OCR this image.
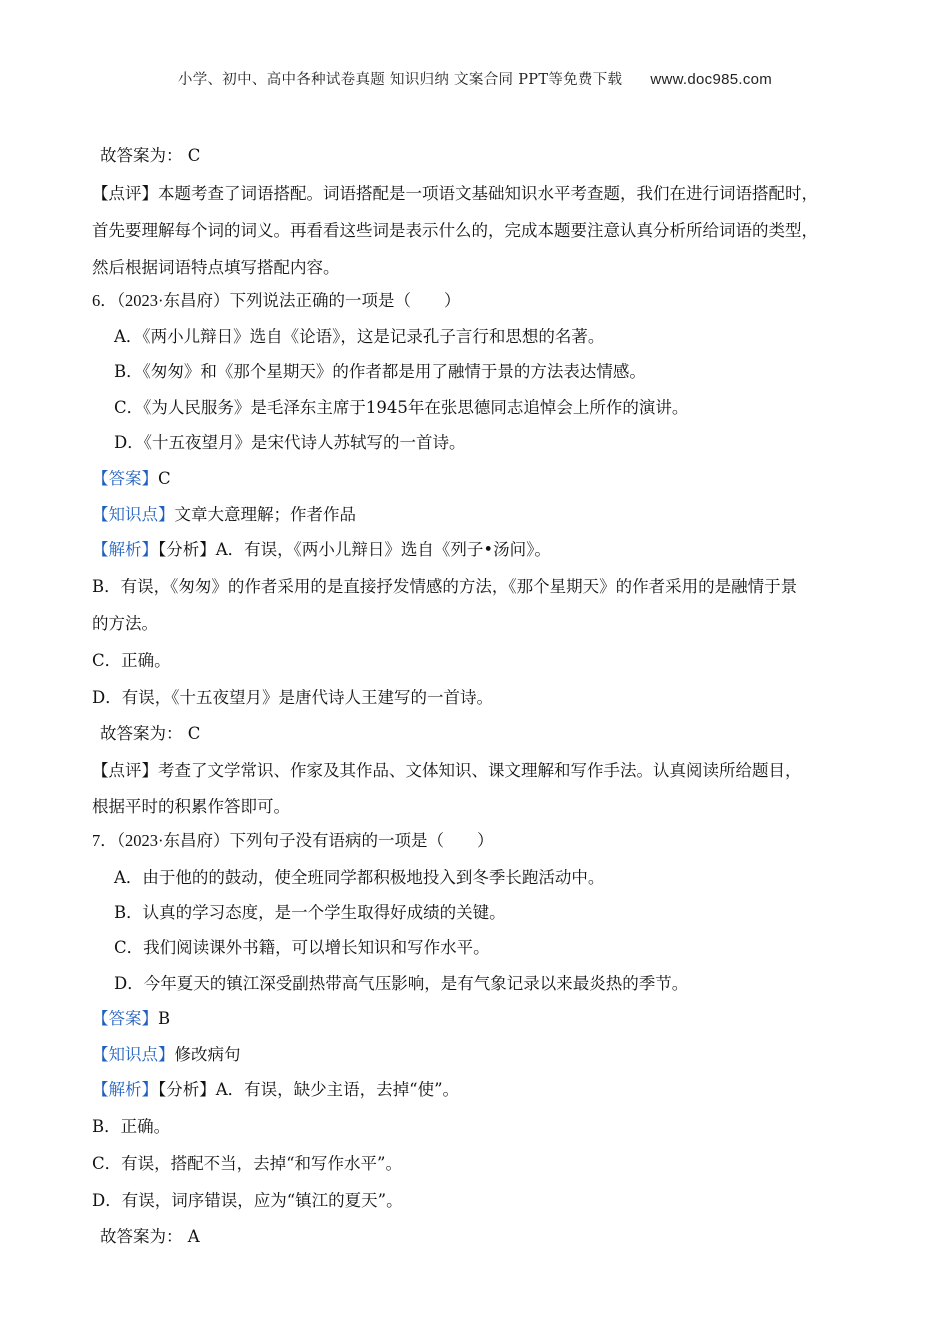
小学、初中、高中各种试卷真题 知识归纳 文案合同 PPT等免费下载 www.doc985.com
故答案为： C
【点评】本题考查了词语搭配。词语搭配是一项语文基础知识水平考查题，我们在进行词语搭配时，
首先要理解每个词的词义。再看看这些词是表示什么的，完成本题要注意认真分析所给词语的类型，
然后根据词语特点填写搭配内容。
6．（2023·东昌府）下列说法正确的一项是（　　）
A．《两小儿辩日》选自《论语》，这是记录孔子言行和思想的名著。
B．《匆匆》和《那个星期天》的作者都是用了融情于景的方法表达情感。
C．《为人民服务》是毛泽东主席于1945年在张思德同志追悼会上所作的演讲。
D．《十五夜望月》是宋代诗人苏轼写的一首诗。
【答案】C
【知识点】文章大意理解；作者作品
【解析】【分析】A．有误，《两小儿辩日》选自《列子•汤问》。
B．有误，《匆匆》的作者采用的是直接抒发情感的方法，《那个星期天》的作者采用的是融情于景
的方法。
C．正确。
D．有误，《十五夜望月》是唐代诗人王建写的一首诗。
故答案为： C
【点评】考查了文学常识、作家及其作品、文体知识、课文理解和写作手法。认真阅读所给题目，
根据平时的积累作答即可。
7．（2023·东昌府）下列句子没有语病的一项是（　　）
A．由于他的的鼓动，使全班同学都积极地投入到冬季长跑活动中。
B．认真的学习态度，是一个学生取得好成绩的关键。
C．我们阅读课外书籍，可以增长知识和写作水平。
D．今年夏天的镇江深受副热带高气压影响，是有气象记录以来最炎热的季节。
【答案】B
【知识点】修改病句
【解析】【分析】A．有误，缺少主语，去掉“使”。
B．正确。
C．有误，搭配不当，去掉“和写作水平”。
D．有误，词序错误，应为“镇江的夏天”。
故答案为： A
